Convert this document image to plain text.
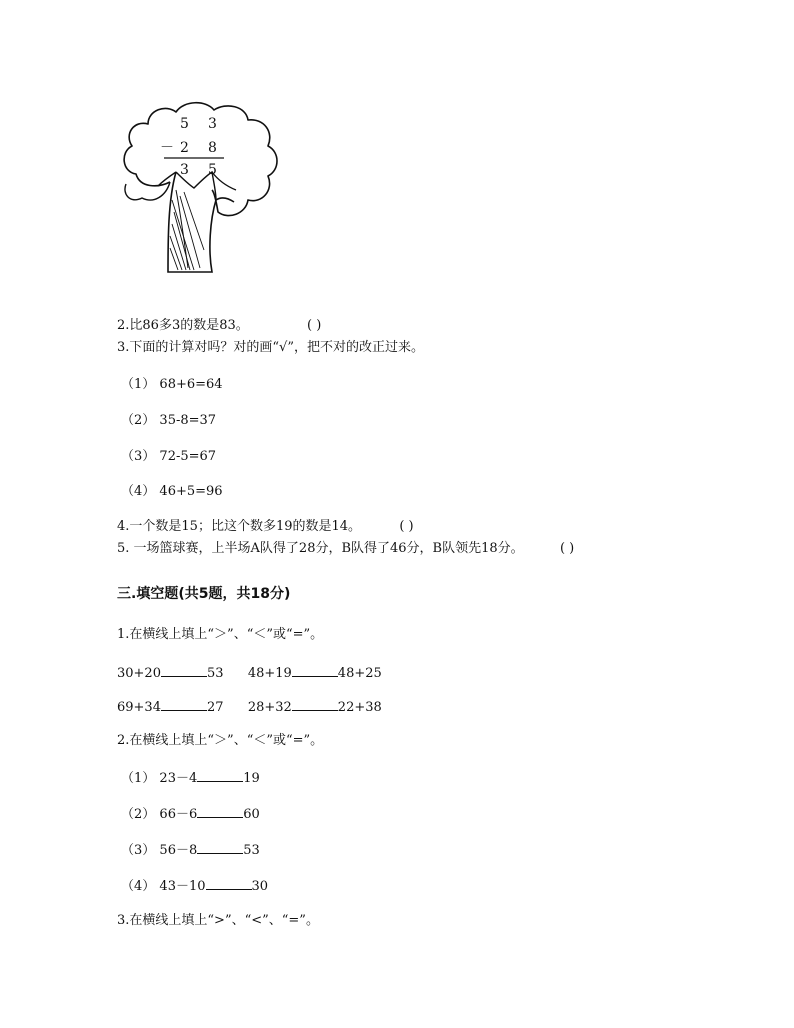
5 3
－ 2 8
3 5
2.比86多3的数是83。	( )
3.下面的计算对吗？对的画“√”，把不对的改正过来。
（1） 68+6=64
（2） 35-8=37
（3） 72-5=67
（4） 46+5=96
4.一个数是15；比这个数多19的数是14。	( )
5. 一场篮球赛，上半场A队得了28分，B队得了46分，B队领先18分。	( )
三.填空题(共5题，共18分)
1.在横线上填上“＞”、“＜”或“=”。
30+20	53 48+19	48+25
69+34	27 28+32	22+38
2.在横线上填上“＞”、“＜”或“=”。
（1） 23－4	19
（2） 66－6	60
（3） 56－8	53
（4） 43－10	30
3.在横线上填上“>”、“<”、“=”。
